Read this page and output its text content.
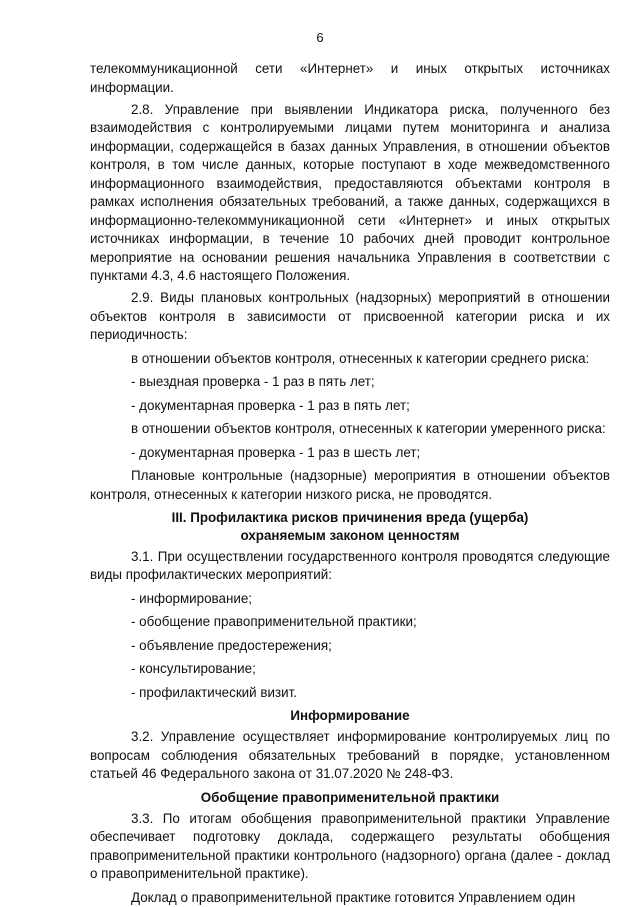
6

телекоммуникационной сети «Интернет» и иных открытых источниках информации.

2.8. Управление при выявлении Индикатора риска, полученного без взаимодействия с контролируемыми лицами путем мониторинга и анализа информации, содержащейся в базах данных Управления, в отношении объектов контроля, в том числе данных, которые поступают в ходе межведомственного информационного взаимодействия, предоставляются объектами контроля в рамках исполнения обязательных требований, а также данных, содержащихся в информационно-телекоммуникационной сети «Интернет» и иных открытых источниках информации, в течение 10 рабочих дней проводит контрольное мероприятие на основании решения начальника Управления в соответствии с пунктами 4.3, 4.6 настоящего Положения.

2.9. Виды плановых контрольных (надзорных) мероприятий в отношении объектов контроля в зависимости от присвоенной категории риска и их периодичность:

в отношении объектов контроля, отнесенных к категории среднего риска:

- выездная проверка - 1 раз в пять лет;

- документарная проверка - 1 раз в пять лет;

в отношении объектов контроля, отнесенных к категории умеренного риска:

- документарная проверка - 1 раз в шесть лет;

Плановые контрольные (надзорные) мероприятия в отношении объектов контроля, отнесенных к категории низкого риска, не проводятся.

III. Профилактика рисков причинения вреда (ущерба)

охраняемым законом ценностям

3.1. При осуществлении государственного контроля проводятся следующие виды профилактических мероприятий:

- информирование;

- обобщение правоприменительной практики;

- объявление предостережения;

- консультирование;

- профилактический визит.

Информирование

3.2. Управление осуществляет информирование контролируемых лиц по вопросам соблюдения обязательных требований в порядке, установленном статьей 46 Федерального закона от 31.07.2020 № 248-ФЗ.

Обобщение правоприменительной практики

3.3. По итогам обобщения правоприменительной практики Управление обеспечивает подготовку доклада, содержащего результаты обобщения правоприменительной практики контрольного (надзорного) органа (далее - доклад о правоприменительной практике).

Доклад о правоприменительной практике готовится Управлением один
